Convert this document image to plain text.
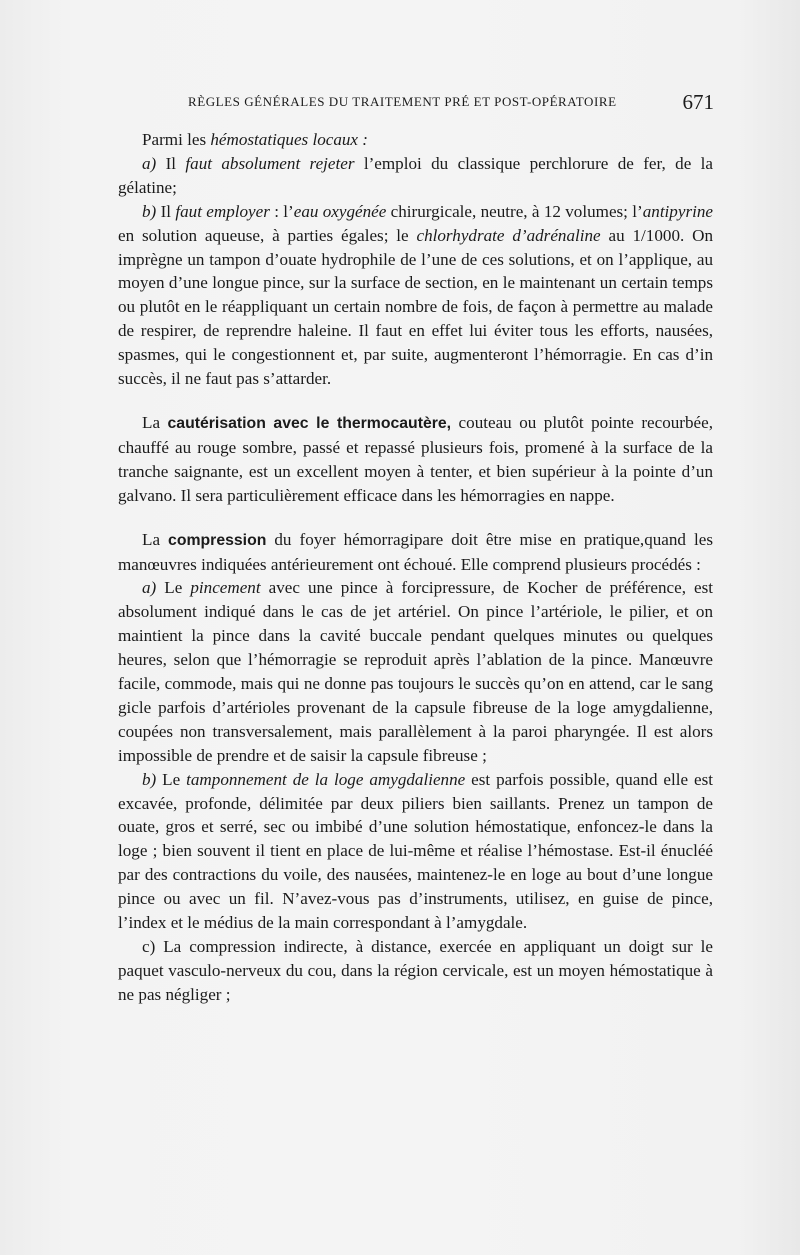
RÈGLES GÉNÉRALES DU TRAITEMENT PRÉ ET POST-OPÉRATOIRE	671

Parmi les hémostatiques locaux :

a) Il faut absolument rejeter l’emploi du classique perchlorure de fer, de la gélatine;

b) Il faut employer : l’eau oxygénée chirurgicale, neutre, à 12 volumes; l’antipyrine en solution aqueuse, à parties égales; le chlorhydrate d’adrénaline au 1/1000. On imprègne un tampon d’ouate hydrophile de l’une de ces solutions, et on l’applique, au moyen d’une longue pince, sur la surface de section, en le maintenant un certain temps ou plutôt en le réappliquant un certain nombre de fois, de façon à permettre au malade de respirer, de reprendre haleine. Il faut en effet lui éviter tous les efforts, nausées, spasmes, qui le congestionnent et, par suite, augmenteront l’hémorragie. En cas d’in succès, il ne faut pas s’attarder.

La cautérisation avec le thermocautère, couteau ou plutôt pointe recourbée, chauffé au rouge sombre, passé et repassé plusieurs fois, promené à la surface de la tranche saignante, est un excellent moyen à tenter, et bien supérieur à la pointe d’un galvano. Il sera particulièrement efficace dans les hémorragies en nappe.

La compression du foyer hémorragipare doit être mise en pratique,quand les manœuvres indiquées antérieurement ont échoué. Elle comprend plusieurs procédés :

a) Le pincement avec une pince à forcipressure, de Kocher de préférence, est absolument indiqué dans le cas de jet artériel. On pince l’artériole, le pilier, et on maintient la pince dans la cavité buccale pendant quelques minutes ou quelques heures, selon que l’hémorragie se reproduit après l’ablation de la pince. Manœuvre facile, commode, mais qui ne donne pas toujours le succès qu’on en attend, car le sang gicle parfois d’artérioles provenant de la capsule fibreuse de la loge amygdalienne, coupées non transversalement, mais parallèlement à la paroi pharyngée. Il est alors impossible de prendre et de saisir la capsule fibreuse ;

b) Le tamponnement de la loge amygdalienne est parfois possible, quand elle est excavée, profonde, délimitée par deux piliers bien saillants. Prenez un tampon de ouate, gros et serré, sec ou imbibé d’une solution hémostatique, enfoncez-le dans la loge ; bien souvent il tient en place de lui-même et réalise l’hémostase. Est-il énucléé par des contractions du voile, des nausées, maintenez-le en loge au bout d’une longue pince ou avec un fil. N’avez-vous pas d’instruments, utilisez, en guise de pince, l’index et le médius de la main correspondant à l’amygdale.

c) La compression indirecte, à distance, exercée en appliquant un doigt sur le paquet vasculo-nerveux du cou, dans la région cervicale, est un moyen hémostatique à ne pas négliger ;
